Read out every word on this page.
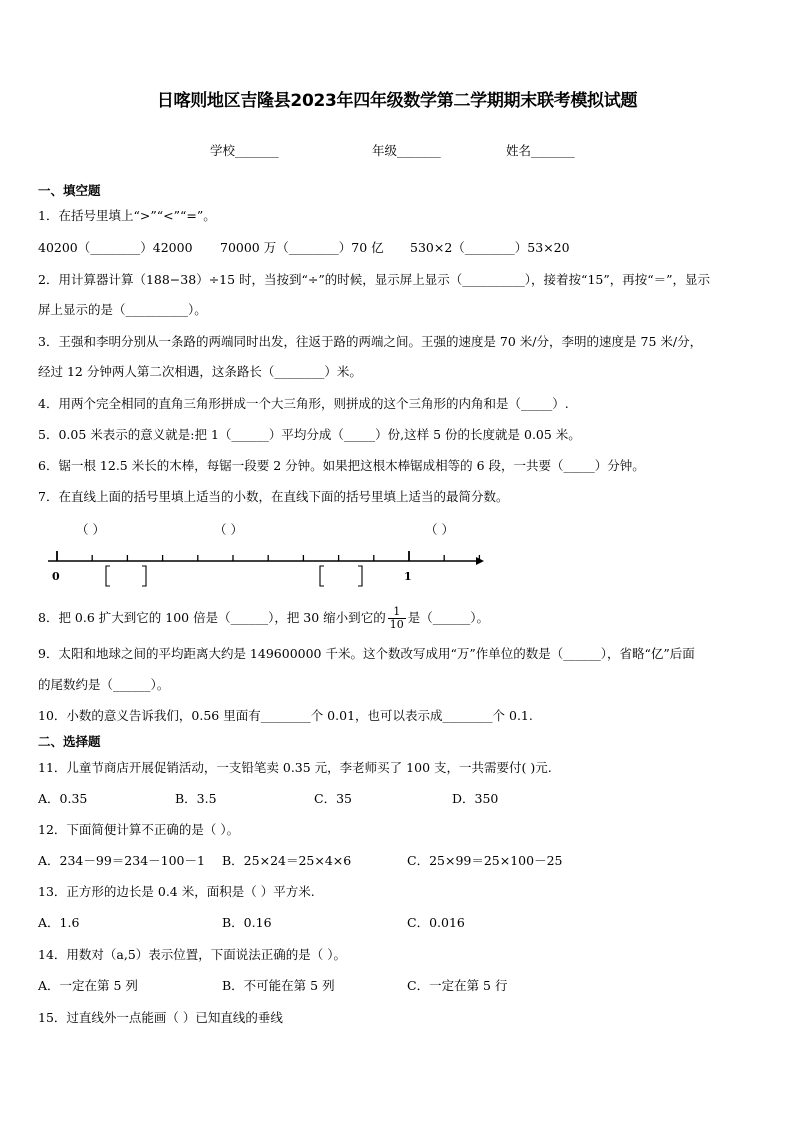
日喀则地区吉隆县2023年四年级数学第二学期期末联考模拟试题
学校_______	年级_______	姓名_______
一、填空题
1．在括号里填上“>”“<”“=”。
40200（________）42000 70000 万（________）70 亿 530×2（________）53×20
2．用计算器计算（188−38）÷15 时，当按到“÷”的时候，显示屏上显示（__________），接着按“15”，再按“＝”，显示
屏上显示的是（__________）。
3．王强和李明分别从一条路的两端同时出发，往返于路的两端之间。王强的速度是 70 米/分，李明的速度是 75 米/分，
经过 12 分钟两人第二次相遇，这条路长（________）米。
4．用两个完全相同的直角三角形拼成一个大三角形，则拼成的这个三角形的内角和是（_____）.
5．0.05 米表示的意义就是:把 1（______）平均分成（_____）份,这样 5 份的长度就是 0.05 米。
6．锯一根 12.5 米长的木棒，每锯一段要 2 分钟。如果把这根木棒锯成相等的 6 段，一共要（_____）分钟。
7．在直线上面的括号里填上适当的小数，在直线下面的括号里填上适当的最简分数。
（ ）	（ ）	（ ）
0	1
8．把 0.6 扩大到它的 100 倍是（______），把 30 缩小到它的 $\frac{1}{10}$ 是（______）。
9．太阳和地球之间的平均距离大约是 149600000 千米。这个数改写成用“万”作单位的数是（______），省略“亿”后面
的尾数约是（______）。
10．小数的意义告诉我们，0.56 里面有________个 0.01，也可以表示成________个 0.1.
二、选择题
11．儿童节商店开展促销活动，一支铅笔卖 0.35 元，李老师买了 100 支，一共需要付( )元.
A．0.35	B．3.5	C．35	D．350
12．下面简便计算不正确的是（ ）。
A．234－99＝234－100－1 B．25×24＝25×4×6	C．25×99＝25×100－25
13．正方形的边长是 0.4 米，面积是（ ）平方米.
A．1.6	B．0.16	C．0.016
14．用数对（a,5）表示位置，下面说法正确的是（ ）。
A．一定在第 5 列	B．不可能在第 5 列	C．一定在第 5 行
15．过直线外一点能画（ ）已知直线的垂线
